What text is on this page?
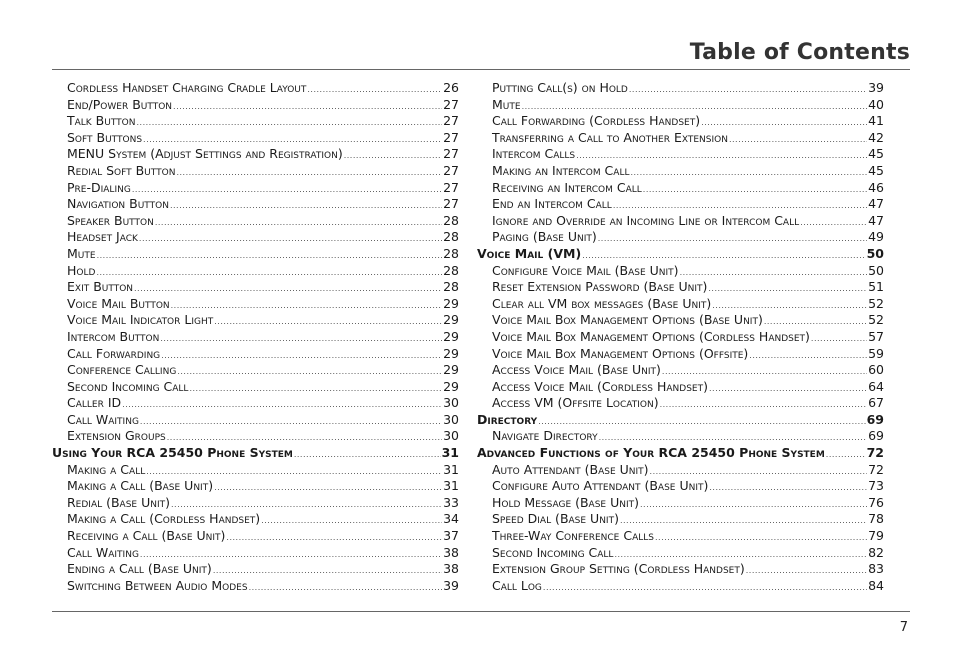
Table of Contents
Cordless Handset Charging Cradle Layout .....	26
End/Power Button .....	27
Talk Button .....	27
Soft Buttons .....	27
MENU System (Adjust Settings and Registration) .....	27
Redial Soft Button .....	27
Pre-Dialing .....	27
Navigation Button .....	27
Speaker Button .....	28
Headset Jack .....	28
Mute .....	28
Hold .....	28
Exit Button .....	28
Voice Mail Button .....	29
Voice Mail Indicator Light .....	29
Intercom Button .....	29
Call Forwarding .....	29
Conference Calling .....	29
Second Incoming Call .....	29
Caller ID .....	30
Call Waiting .....	30
Extension Groups .....	30
Using Your RCA 25450 Phone System .....	31
Making a Call .....	31
Making a Call (Base Unit) .....	31
Redial (Base Unit) .....	33
Making a Call (Cordless Handset) .....	34
Receiving a Call (Base Unit) .....	37
Call Waiting .....	38
Ending a Call (Base Unit) .....	38
Switching Between Audio Modes .....	39
Putting Call(s) on Hold .....	39
Mute .....	40
Call Forwarding (Cordless Handset) .....	41
Transferring a Call to Another Extension .....	42
Intercom Calls .....	45
Making an Intercom Call .....	45
Receiving an Intercom Call .....	46
End an Intercom Call .....	47
Ignore and Override an Incoming Line or Intercom Call .....	47
Paging (Base Unit) .....	49
Voice Mail (VM) .....	50
Configure Voice Mail (Base Unit) .....	50
Reset Extension Password (Base Unit) .....	51
Clear all VM box messages (Base Unit) .....	52
Voice Mail Box Management Options (Base Unit) .....	52
Voice Mail Box Management Options (Cordless Handset) .....	57
Voice Mail Box Management Options (Offsite) .....	59
Access Voice Mail (Base Unit) .....	60
Access Voice Mail (Cordless Handset) .....	64
Access VM (Offsite Location) .....	67
Directory .....	69
Navigate Directory .....	69
Advanced Functions of Your RCA 25450 Phone System .....	72
Auto Attendant (Base Unit) .....	72
Configure Auto Attendant (Base Unit) .....	73
Hold Message (Base Unit) .....	76
Speed Dial (Base Unit) .....	78
Three-Way Conference Calls .....	79
Second Incoming Call .....	82
Extension Group Setting (Cordless Handset) .....	83
Call Log .....	84
7
